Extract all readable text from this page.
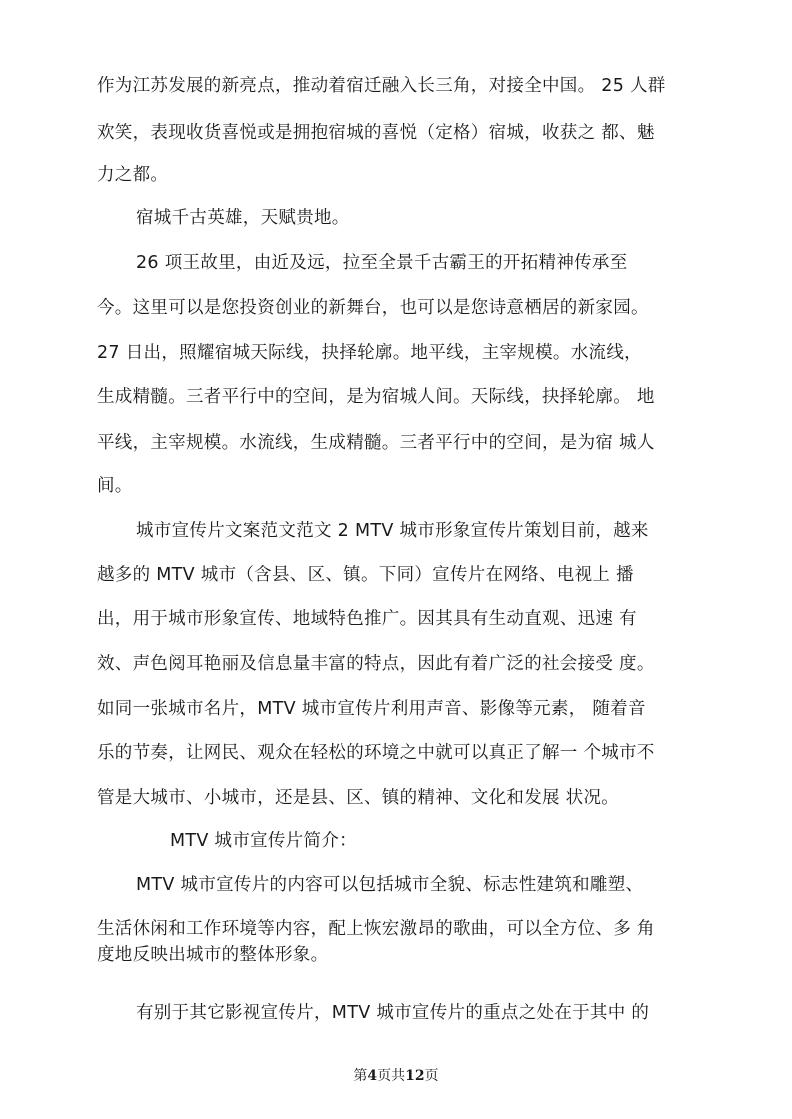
作为江苏发展的新亮点，推动着宿迁融入长三角，对接全中国。 25 人群
欢笑，表现收货喜悦或是拥抱宿城的喜悦（定格）宿城，收获之 都、魅
力之都。
宿城千古英雄，天赋贵地。
26 项王故里，由近及远，拉至全景千古霸王的开拓精神传承至
今。这里可以是您投资创业的新舞台，也可以是您诗意栖居的新家园。
27 日出，照耀宿城天际线，抉择轮廓。地平线，主宰规模。水流线，
生成精髓。三者平行中的空间，是为宿城人间。天际线，抉择轮廓。 地
平线，主宰规模。水流线，生成精髓。三者平行中的空间，是为宿 城人
间。
城市宣传片文案范文范文 2 MTV 城市形象宣传片策划目前，越来
越多的 MTV 城市（含县、区、镇。下同）宣传片在网络、电视上 播
出，用于城市形象宣传、地域特色推广。因其具有生动直观、迅速 有
效、声色阅耳艳丽及信息量丰富的特点，因此有着广泛的社会接受 度。
如同一张城市名片，MTV 城市宣传片利用声音、影像等元素， 随着音
乐的节奏，让网民、观众在轻松的环境之中就可以真正了解一 个城市不
管是大城市、小城市，还是县、区、镇的精神、文化和发展 状况。
MTV 城市宣传片简介：
MTV 城市宣传片的内容可以包括城市全貌、标志性建筑和雕塑、
生活休闲和工作环境等内容，配上恢宏激昂的歌曲，可以全方位、多 角
度地反映出城市的整体形象。
有别于其它影视宣传片，MTV 城市宣传片的重点之处在于其中 的
第4页共12页
